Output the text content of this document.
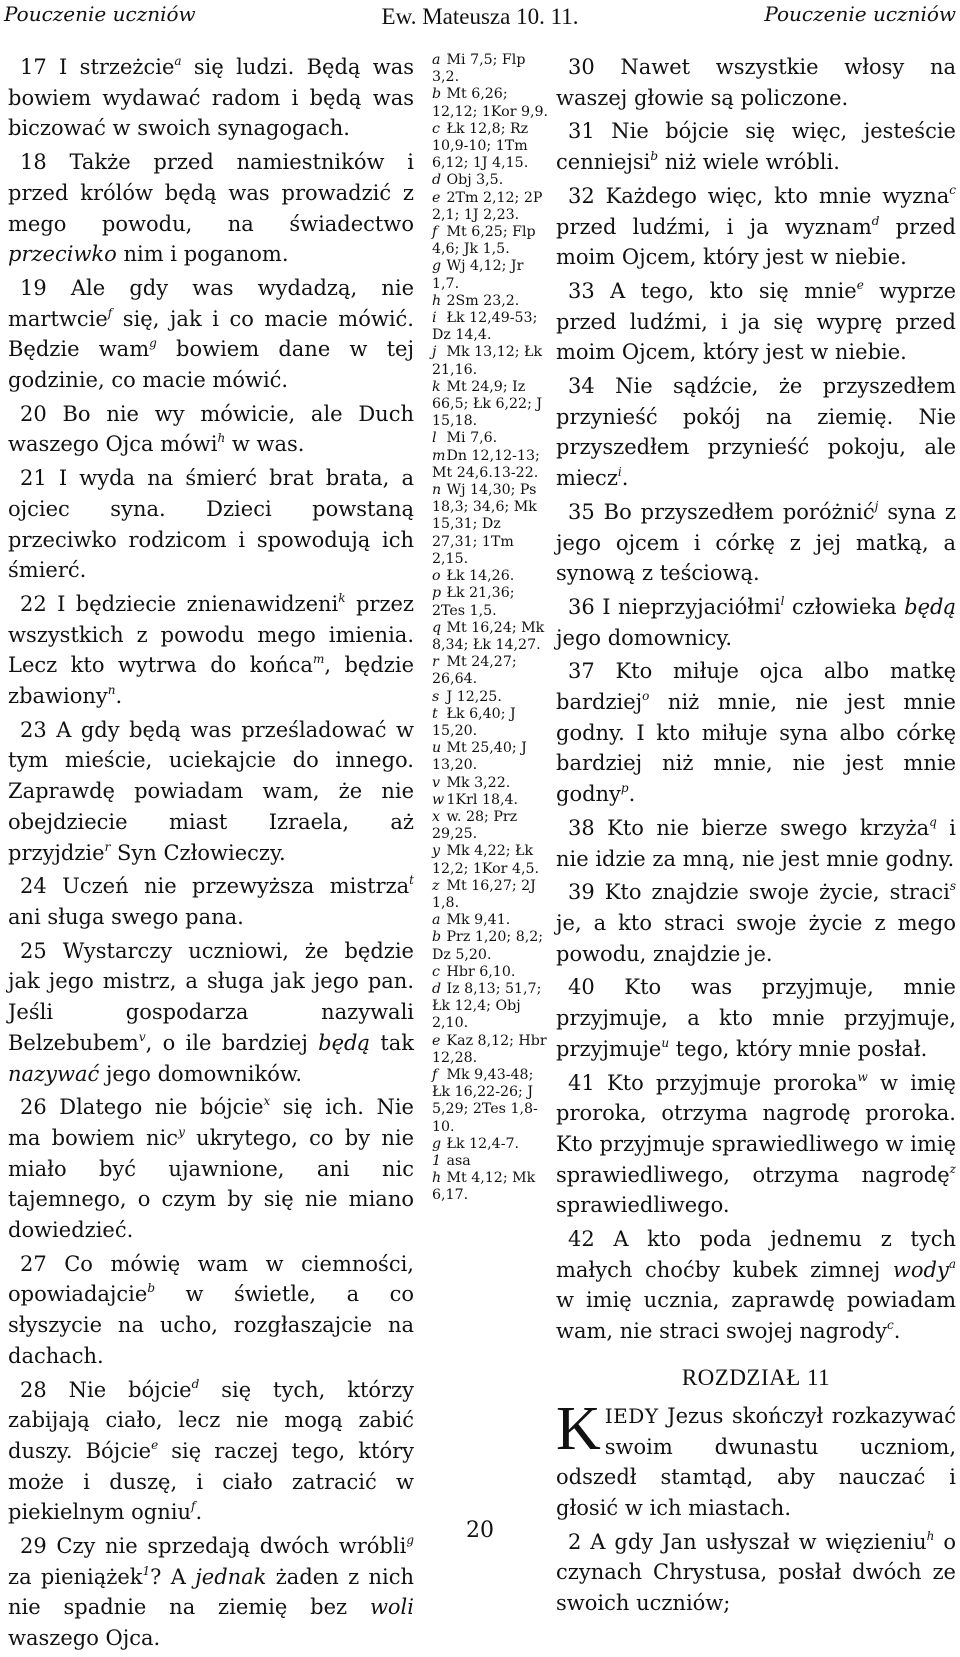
Pouczenie uczniów	Ew. Mateusza 10. 11.	Pouczenie uczniów

17 I strzeżcie$^a$ się ludzi. Będą was bowiem wydawać radom i będą was biczować w swoich synagogach.

18 Także przed namiestników i przed królów będą was prowadzić z mego powodu, na świadectwo przeciwko nim i poganom.

19 Ale gdy was wydadzą, nie martwcie$^f$ się, jak i co macie mówić. Będzie wam$^g$ bowiem dane w tej godzinie, co macie mówić.

20 Bo nie wy mówicie, ale Duch waszego Ojca mówi$^h$ w was.

21 I wyda na śmierć brat brata, a ojciec syna. Dzieci powstaną przeciwko rodzicom i spowodują ich śmierć.

22 I będziecie znienawidzeni$^k$ przez wszystkich z powodu mego imienia. Lecz kto wytrwa do końca$^m$, będzie zbawiony$^n$.

23 A gdy będą was prześladować w tym mieście, uciekajcie do innego. Zaprawdę powiadam wam, że nie obejdziecie miast Izraela, aż przyjdzie$^r$ Syn Człowieczy.

24 Uczeń nie przewyższa mistrza$^t$ ani sługa swego pana.

25 Wystarczy uczniowi, że będzie jak jego mistrz, a sługa jak jego pan. Jeśli gospodarza nazywali Belzebubem$^v$, o ile bardziej będą tak nazywać jego domowników.

26 Dlatego nie bójcie$^x$ się ich. Nie ma bowiem nic$^y$ ukrytego, co by nie miało być ujawnione, ani nic tajemnego, o czym by się nie miano dowiedzieć.

27 Co mówię wam w ciemności, opowiadajcie$^b$ w świetle, a co słyszycie na ucho, rozgłaszajcie na dachach.

28 Nie bójcie$^d$ się tych, którzy zabijają ciało, lecz nie mogą zabić duszy. Bójcie$^e$ się raczej tego, który może i duszę, i ciało zatracić w piekielnym ogniu$^f$.

29 Czy nie sprzedają dwóch wróbli$^g$ za pieniążek$^1$? A jednak żaden z nich nie spadnie na ziemię bez woli waszego Ojca.

a Mi 7,5; Flp 3,2.

b Mt 6,26; 12,12; 1Kor 9,9.

c Łk 12,8; Rz 10,9-10; 1Tm 6,12; 1J 4,15.

d Obj 3,5.

e 2Tm 2,12; 2P 2,1; 1J 2,23.

f Mt 6,25; Flp 4,6; Jk 1,5.

g Wj 4,12; Jr 1,7.

h 2Sm 23,2.

i Łk 12,49-53; Dz 14,4.

j Mk 13,12; Łk 21,16.

k Mt 24,9; Iz 66,5; Łk 6,22; J 15,18.

l Mi 7,6.

m Dn 12,12-13; Mt 24,6.13-22.

n Wj 14,30; Ps 18,3; 34,6; Mk 15,31; Dz 27,31; 1Tm 2,15.

o Łk 14,26.

p Łk 21,36; 2Tes 1,5.

q Mt 16,24; Mk 8,34; Łk 14,27.

r Mt 24,27; 26,64.

s J 12,25.

t Łk 6,40; J 15,20.

u Mt 25,40; J 13,20.

v Mk 3,22.

w 1Krl 18,4.

x w. 28; Prz 29,25.

y Mk 4,22; Łk 12,2; 1Kor 4,5.

z Mt 16,27; 2J 1,8.

a Mk 9,41.

b Prz 1,20; 8,2; Dz 5,20.

c Hbr 6,10.

d Iz 8,13; 51,7; Łk 12,4; Obj 2,10.

e Kaz 8,12; Hbr 12,28.

f Mk 9,43-48; Łk 16,22-26; J 5,29; 2Tes 1,8-10.

g Łk 12,4-7.

1 asa

h Mt 4,12; Mk 6,17.

30 Nawet wszystkie włosy na waszej głowie są policzone.

31 Nie bójcie się więc, jesteście cenniejsi$^b$ niż wiele wróbli.

32 Każdego więc, kto mnie wyzna$^c$ przed ludźmi, i ja wyznam$^d$ przed moim Ojcem, który jest w niebie.

33 A tego, kto się mnie$^e$ wyprze przed ludźmi, i ja się wyprę przed moim Ojcem, który jest w niebie.

34 Nie sądźcie, że przyszedłem przynieść pokój na ziemię. Nie przyszedłem przynieść pokoju, ale miecz$^i$.

35 Bo przyszedłem poróżnić$^j$ syna z jego ojcem i córkę z jej matką, a synową z teściową.

36 I nieprzyjaciółmi$^l$ człowieka będą jego domownicy.

37 Kto miłuje ojca albo matkę bardziej$^o$ niż mnie, nie jest mnie godny. I kto miłuje syna albo córkę bardziej niż mnie, nie jest mnie godny$^p$.

38 Kto nie bierze swego krzyża$^q$ i nie idzie za mną, nie jest mnie godny.

39 Kto znajdzie swoje życie, straci$^s$ je, a kto straci swoje życie z mego powodu, znajdzie je.

40 Kto was przyjmuje, mnie przyjmuje, a kto mnie przyjmuje, przyjmuje$^u$ tego, który mnie posłał.

41 Kto przyjmuje proroka$^w$ w imię proroka, otrzyma nagrodę proroka. Kto przyjmuje sprawiedliwego w imię sprawiedliwego, otrzyma nagrodę$^z$ sprawiedliwego.

42 A kto poda jednemu z tych małych choćby kubek zimnej wody$^a$ w imię ucznia, zaprawdę powiadam wam, nie straci swojej nagrody$^c$.

ROZDZIAŁ 11

KIEDY Jezus skończył rozkazywać swoim dwunastu uczniom, odszedł stamtąd, aby nauczać i głosić w ich miastach.

2 A gdy Jan usłyszał w więzieniu$^h$ o czynach Chrystusa, posłał dwóch ze swoich uczniów;

20
